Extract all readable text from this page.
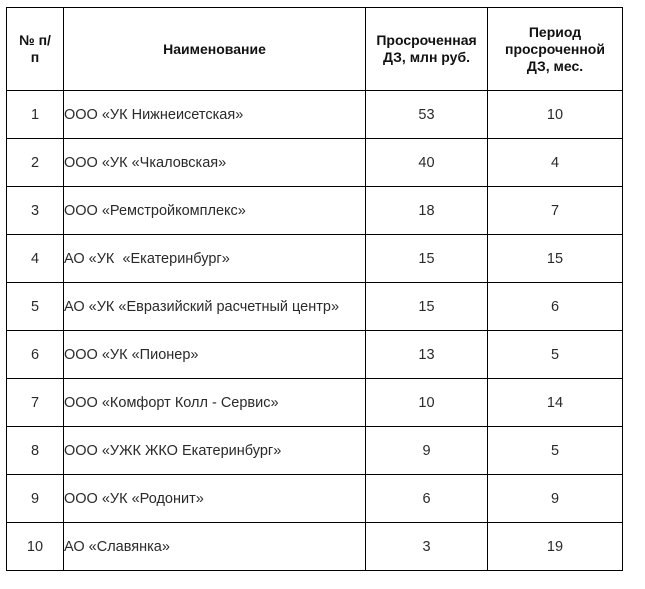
№ п/ п	Наименование	Просроченная ДЗ, млн руб.	Период просроченной ДЗ, мес.
1	ООО «УК Нижнеисетская»	53	10
2	ООО «УК «Чкаловская»	40	4
3	ООО «Ремстройкомплекс»	18	7
4	АО «УК  «Екатеринбург»	15	15
5	АО «УК «Евразийский расчетный центр»	15	6
6	ООО «УК «Пионер»	13	5
7	ООО «Комфорт Колл - Сервис»	10	14
8	ООО «УЖК ЖКО Екатеринбург»	9	5
9	ООО «УК «Родонит»	6	9
10	АО «Славянка»	3	19
